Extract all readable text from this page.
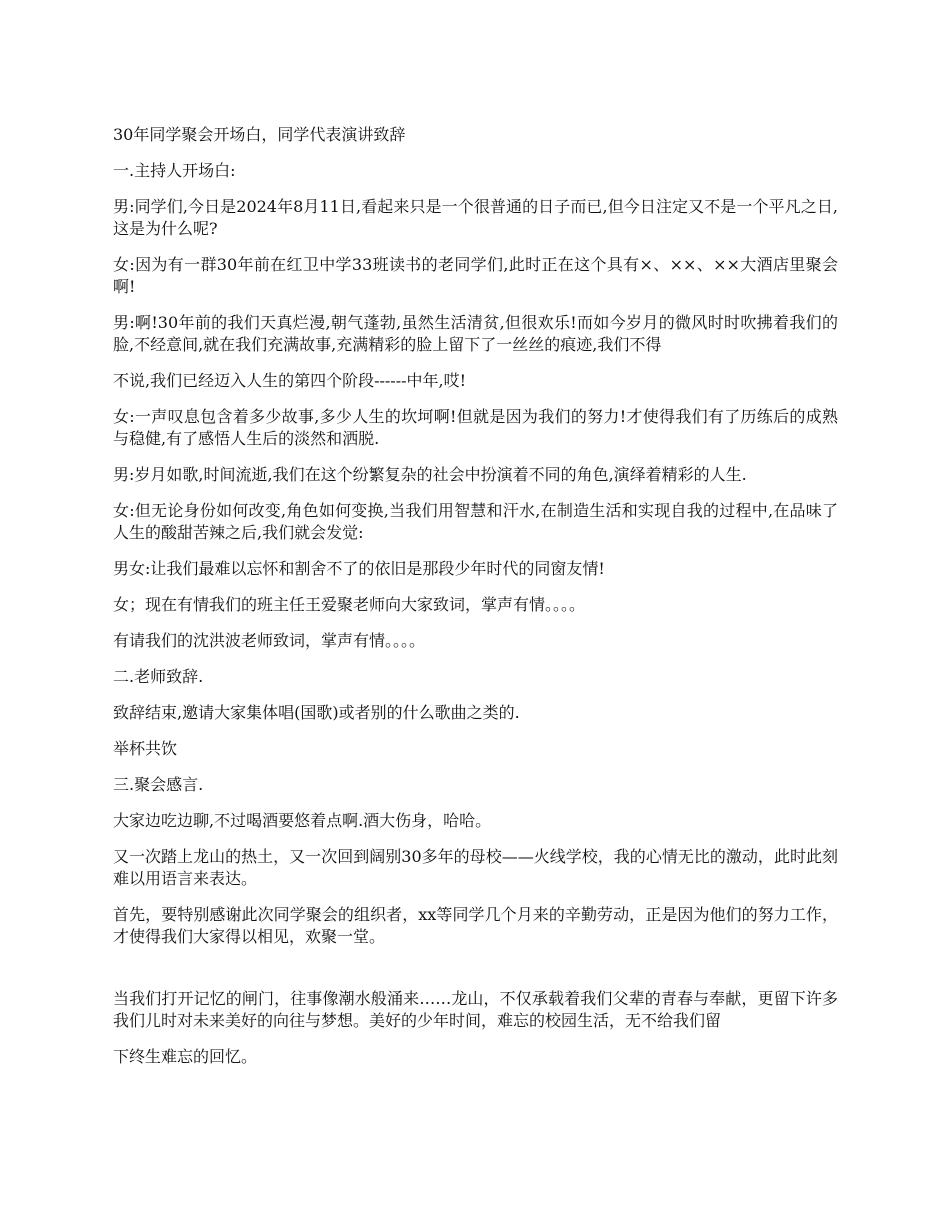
30年同学聚会开场白，同学代表演讲致辞

一.主持人开场白:

男:同学们,今日是2024年8月11日,看起来只是一个很普通的日子而已,但今日注定又不是一个平凡之日,这是为什么呢?

女:因为有一群30年前在红卫中学33班读书的老同学们,此时正在这个具有×、××、××大酒店里聚会啊!

男:啊!30年前的我们天真烂漫,朝气蓬勃,虽然生活清贫,但很欢乐!而如今岁月的微风时时吹拂着我们的脸,不经意间,就在我们充满故事,充满精彩的脸上留下了一丝丝的痕迹,我们不得

不说,我们已经迈入人生的第四个阶段------中年,哎!

女:一声叹息包含着多少故事,多少人生的坎坷啊!但就是因为我们的努力!才使得我们有了历练后的成熟与稳健,有了感悟人生后的淡然和洒脱.

男:岁月如歌,时间流逝,我们在这个纷繁复杂的社会中扮演着不同的角色,演绎着精彩的人生.

女:但无论身份如何改变,角色如何变换,当我们用智慧和汗水,在制造生活和实现自我的过程中,在品味了人生的酸甜苦辣之后,我们就会发觉:

男女:让我们最难以忘怀和割舍不了的依旧是那段少年时代的同窗友情!

女；现在有情我们的班主任王爱聚老师向大家致词，掌声有情。。。。

有请我们的沈洪波老师致词，掌声有情。。。。

二.老师致辞.

致辞结束,邀请大家集体唱(国歌)或者别的什么歌曲之类的.

举杯共饮

三.聚会感言.

大家边吃边聊,不过喝酒要悠着点啊.酒大伤身，哈哈。

又一次踏上龙山的热土，又一次回到阔别30多年的母校——火线学校，我的心情无比的激动，此时此刻难以用语言来表达。

首先，要特别感谢此次同学聚会的组织者，xx等同学几个月来的辛勤劳动，正是因为他们的努力工作，才使得我们大家得以相见，欢聚一堂。

当我们打开记忆的闸门，往事像潮水般涌来……龙山，不仅承载着我们父辈的青春与奉献，更留下许多我们儿时对未来美好的向往与梦想。美好的少年时间，难忘的校园生活，无不给我们留

下终生难忘的回忆。
